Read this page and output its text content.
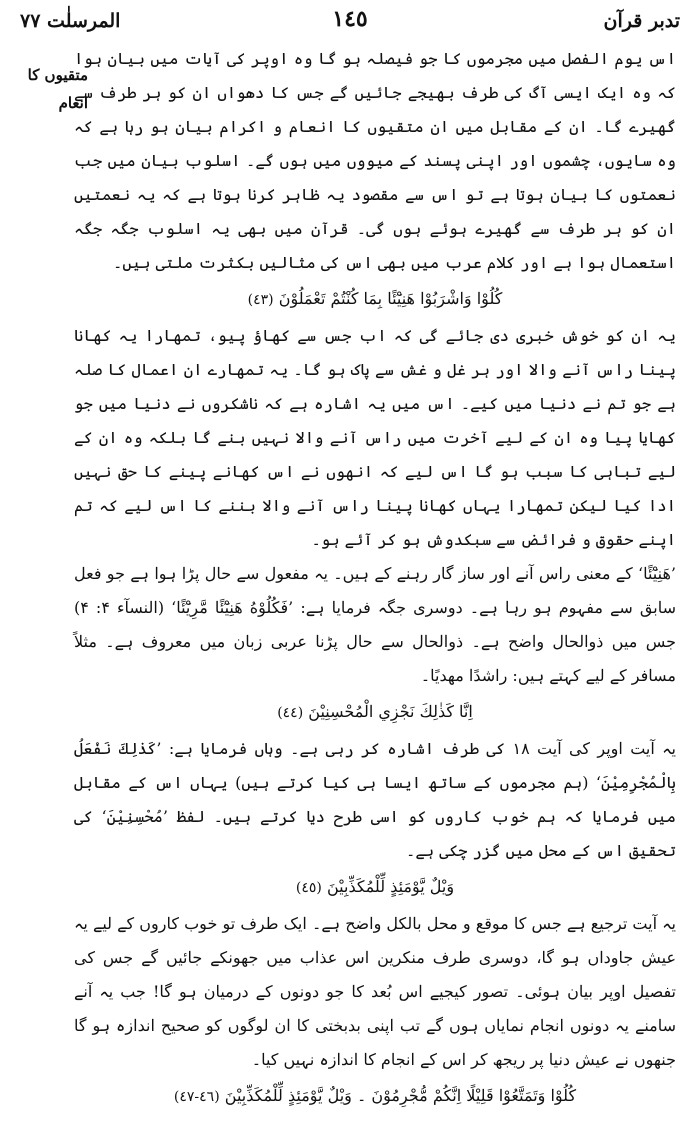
تدبر قرآن
١٤٥
المرسلٰت ٧٧
متقیوں کا
انعام

اس یوم الفصل میں مجرموں کا جو فیصلہ ہو گا وہ اوپر کی آیات میں بیان ہوا کہ وہ ایک ایسی آگ کی طرف بھیجے جائیں گے جس کا دھواں ان کو ہر طرف سے گھیرے گا۔ ان کے مقابل میں ان متقیوں کا انعام و اکرام بیان ہو رہا ہے کہ وہ سایوں، چشموں اور اپنی پسند کے میووں میں ہوں گے۔ اسلوب بیان میں جب نعمتوں کا بیان ہوتا ہے تو اس سے مقصود یہ ظاہر کرنا ہوتا ہے کہ یہ نعمتیں ان کو ہر طرف سے گھیرے ہوئے ہوں گی۔ قرآن میں بھی یہ اسلوب جگہ جگہ استعمال ہوا ہے اور کلام عرب میں بھی اس کی مثالیں بکثرت ملتی ہیں۔

كُلُوْا وَاشْرَبُوْا هَنِيْٓئًا بِمَا كُنْتُمْ تَعْمَلُوْنَ (٤٣)

یہ ان کو خوش خبری دی جائے گی کہ اب جس سے کھاؤ پیو، تمھارا یہ کھانا پینا راس آنے والا اور ہر غل و غش سے پاک ہو گا۔ یہ تمھارے ان اعمال کا صلہ ہے جو تم نے دنیا میں کیے۔ اس میں یہ اشارہ ہے کہ ناشکروں نے دنیا میں جو کھایا پیا وہ ان کے لیے آخرت میں راس آنے والا نہیں بنے گا بلکہ وہ ان کے لیے تباہی کا سبب ہو گا اس لیے کہ انھوں نے اس کھانے پینے کا حق نہیں ادا کیا لیکن تمھارا یہاں کھانا پینا راس آنے والا بننے کا اس لیے کہ تم اپنے حقوق و فرائض سے سبکدوش ہو کر آئے ہو۔

’هَنِيْٓئًا‘ کے معنی راس آنے اور ساز گار رہنے کے ہیں۔ یہ مفعول سے حال پڑا ہوا ہے جو فعل سابق سے مفہوم ہو رہا ہے۔ دوسری جگہ فرمایا ہے: ’فَكُلُوْهُ هَنِيْٓئًا مَّرِيْٓئًا‘ (النسآء ۴: ۴) جس میں ذوالحال واضح ہے۔ ذوالحال سے حال پڑنا عربی زبان میں معروف ہے۔ مثلاً مسافر کے لیے کہتے ہیں: راشدًا مهديًا۔

اِنَّا كَذٰلِكَ نَجْزِي الْمُحْسِنِيْنَ (٤٤)

یہ آیت اوپر کی آیت ۱۸ کی طرف اشارہ کر رہی ہے۔ وہاں فرمایا ہے: ’كَذٰلِكَ نَفْعَلُ بِالْمُجْرِمِيْنَ‘ (ہم مجرموں کے ساتھ ایسا ہی کیا کرتے ہیں) یہاں اس کے مقابل میں فرمایا کہ ہم خوب کاروں کو اسی طرح دیا کرتے ہیں۔ لفظ ’مُحْسِنِيْنَ‘ کی تحقیق اس کے محل میں گزر چکی ہے۔

وَيْلٌ يَّوْمَئِذٍ لِّلْمُكَذِّبِيْنَ (٤٥)

یہ آیت ترجیع ہے جس کا موقع و محل بالکل واضح ہے۔ ایک طرف تو خوب کاروں کے لیے یہ عیش جاوداں ہو گا، دوسری طرف منکرین اس عذاب میں جھونکے جائیں گے جس کی تفصیل اوپر بیان ہوئی۔ تصور کیجیے اس بُعد کا جو دونوں کے درمیان ہو گا! جب یہ آنے سامنے یہ دونوں انجام نمایاں ہوں گے تب اپنی بدبختی کا ان لوگوں کو صحیح اندازہ ہو گا جنھوں نے عیش دنیا پر ریجھ کر اس کے انجام کا اندازہ نہیں کیا۔

كُلُوْا وَتَمَتَّعُوْا قَلِيْلًا اِنَّكُمْ مُّجْرِمُوْنَ ۔ وَيْلٌ يَّوْمَئِذٍ لِّلْمُكَذِّبِيْنَ (٤٦-٤٧)
